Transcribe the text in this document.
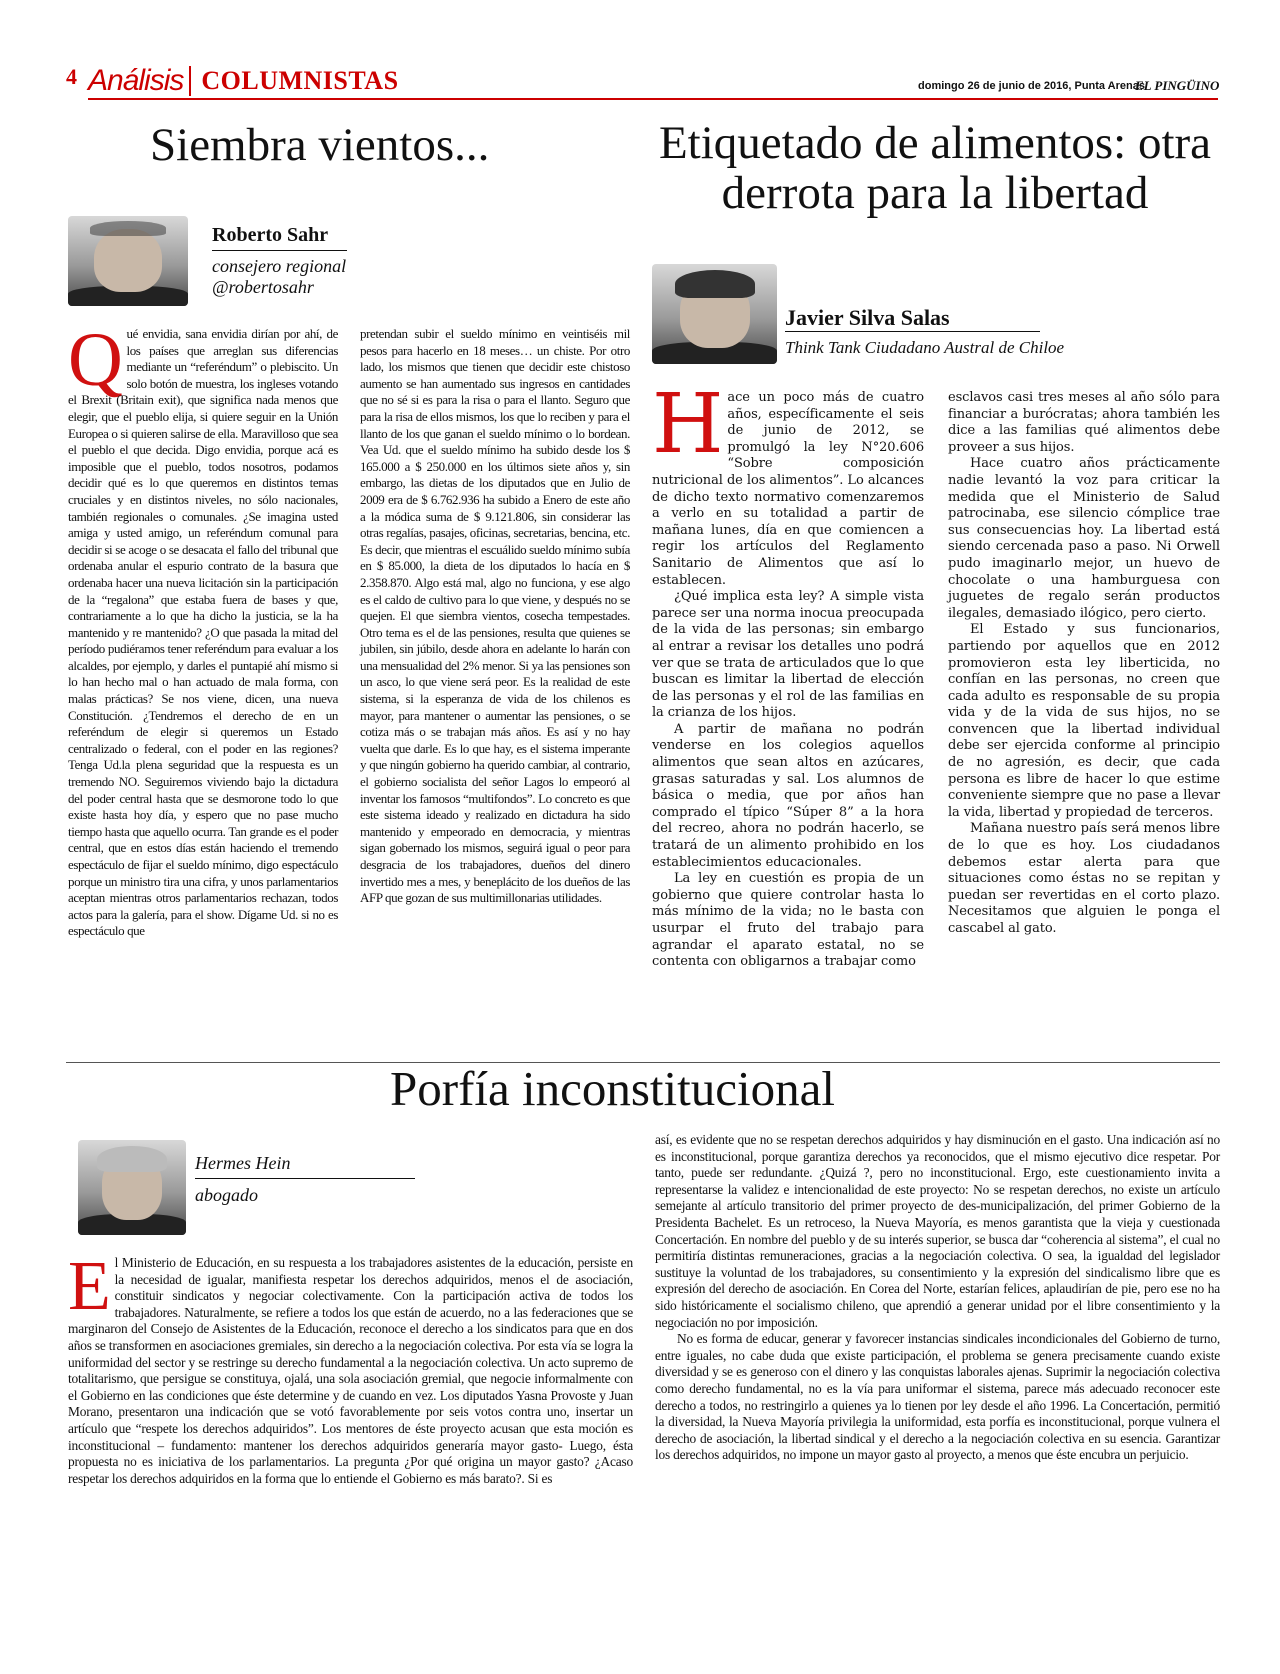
4 Análisis COLUMNISTAS	domingo 26 de junio de 2016, Punta Arenas
EL PINGÜINO
Siembra vientos...
Roberto Sahr
consejero regional
@robertosahr
Qué envidia, sana envidia dirían por ahí, de los países que arreglan sus diferencias mediante un “referéndum” o plebiscito. Un solo botón de muestra, los ingleses votando el Brexit (Britain exit), que significa nada menos que elegir, que el pueblo elija, si quiere seguir en la Unión Europea o si quieren salirse de ella. Maravilloso que sea el pueblo el que decida. Digo envidia, porque acá es imposible que el pueblo, todos nosotros, podamos decidir qué es lo que queremos en distintos temas cruciales y en distintos niveles, no sólo nacionales, también regionales o comunales. ¿Se imagina usted amiga y usted amigo, un referéndum comunal para decidir si se acoge o se desacata el fallo del tribunal que ordenaba anular el espurio contrato de la basura que ordenaba hacer una nueva licitación sin la participación de la “regalona” que estaba fuera de bases y que, contrariamente a lo que ha dicho la justicia, se la ha mantenido y re mantenido? ¿O que pasada la mitad del período pudiéramos tener referéndum para evaluar a los alcaldes, por ejemplo, y darles el puntapié ahí mismo si lo han hecho mal o han actuado de mala forma, con malas prácticas? Se nos viene, dicen, una nueva Constitución. ¿Tendremos el derecho de en un referéndum de elegir si queremos un Estado centralizado o federal, con el poder en las regiones? Tenga Ud.la plena seguridad que la respuesta es un tremendo NO. Seguiremos viviendo bajo la dictadura del poder central hasta que se desmorone todo lo que existe hasta hoy día, y espero que no pase mucho tiempo hasta que aquello ocurra. Tan grande es el poder central, que en estos días están haciendo el tremendo espectáculo de fijar el sueldo mínimo, digo espectáculo porque un ministro tira una cifra, y unos parlamentarios aceptan mientras otros parlamentarios rechazan, todos actos para la galería, para el show. Dígame Ud. si no es espectáculo que
pretendan subir el sueldo mínimo en veintiséis mil pesos para hacerlo en 18 meses… un chiste. Por otro lado, los mismos que tienen que decidir este chistoso aumento se han aumentado sus ingresos en cantidades que no sé si es para la risa o para el llanto. Seguro que para la risa de ellos mismos, los que lo reciben y para el llanto de los que ganan el sueldo mínimo o lo bordean. Vea Ud. que el sueldo mínimo ha subido desde los $ 165.000 a $ 250.000 en los últimos siete años y, sin embargo, las dietas de los diputados que en Julio de 2009 era de $ 6.762.936 ha subido a Enero de este año a la módica suma de $ 9.121.806, sin considerar las otras regalías, pasajes, oficinas, secretarias, bencina, etc. Es decir, que mientras el escuálido sueldo mínimo subía en $ 85.000, la dieta de los diputados lo hacía en $ 2.358.870. Algo está mal, algo no funciona, y ese algo es el caldo de cultivo para lo que viene, y después no se quejen. El que siembra vientos, cosecha tempestades. Otro tema es el de las pensiones, resulta que quienes se jubilen, sin júbilo, desde ahora en adelante lo harán con una mensualidad del 2% menor. Si ya las pensiones son un asco, lo que viene será peor. Es la realidad de este sistema, si la esperanza de vida de los chilenos es mayor, para mantener o aumentar las pensiones, o se cotiza más o se trabajan más años. Es así y no hay vuelta que darle. Es lo que hay, es el sistema imperante y que ningún gobierno ha querido cambiar, al contrario, el gobierno socialista del señor Lagos lo empeoró al inventar los famosos “multifondos”. Lo concreto es que este sistema ideado y realizado en dictadura ha sido mantenido y empeorado en democracia, y mientras sigan gobernado los mismos, seguirá igual o peor para desgracia de los trabajadores, dueños del dinero invertido mes a mes, y beneplácito de los dueños de las AFP que gozan de sus multimillonarias utilidades.
Etiquetado de alimentos: otra derrota para la libertad
Javier Silva Salas
Think Tank Ciudadano Austral de Chiloe

Hace un poco más de cuatro años, específicamente el seis de junio de 2012, se promulgó la ley N°20.606 “Sobre composición nutricional de los alimentos”. Lo alcances de dicho texto normativo comenzaremos a verlo en su totalidad a partir de mañana lunes, día en que comiencen a regir los artículos del Reglamento Sanitario de Alimentos que así lo establecen.

¿Qué implica esta ley? A simple vista parece ser una norma inocua preocupada de la vida de las personas; sin embargo al entrar a revisar los detalles uno podrá ver que se trata de articulados que lo que buscan es limitar la libertad de elección de las personas y el rol de las familias en la crianza de los hijos.

A partir de mañana no podrán venderse en los colegios aquellos alimentos que sean altos en azúcares, grasas saturadas y sal. Los alumnos de básica o media, que por años han comprado el típico “Súper 8” a la hora del recreo, ahora no podrán hacerlo, se tratará de un alimento prohibido en los establecimientos educacionales.

La ley en cuestión es propia de un gobierno que quiere controlar hasta lo más mínimo de la vida; no le basta con usurpar el fruto del trabajo para agrandar el aparato estatal, no se contenta con obligarnos a trabajar como

esclavos casi tres meses al año sólo para financiar a burócratas; ahora también les dice a las familias qué alimentos debe proveer a sus hijos.

Hace cuatro años prácticamente nadie levantó la voz para criticar la medida que el Ministerio de Salud patrocinaba, ese silencio cómplice trae sus consecuencias hoy. La libertad está siendo cercenada paso a paso. Ni Orwell pudo imaginarlo mejor, un huevo de chocolate o una hamburguesa con juguetes de regalo serán productos ilegales, demasiado ilógico, pero cierto.

El Estado y sus funcionarios, partiendo por aquellos que en 2012 promovieron esta ley liberticida, no confían en las personas, no creen que cada adulto es responsable de su propia vida y de la vida de sus hijos, no se convencen que la libertad individual debe ser ejercida conforme al principio de no agresión, es decir, que cada persona es libre de hacer lo que estime conveniente siempre que no pase a llevar la vida, libertad y propiedad de terceros.

Mañana nuestro país será menos libre de lo que es hoy. Los ciudadanos debemos estar alerta para que situaciones como éstas no se repitan y puedan ser revertidas en el corto plazo. Necesitamos que alguien le ponga el cascabel al gato.

Porfía inconstitucional
Hermes Hein
abogado
El Ministerio de Educación, en su respuesta a los trabajadores asistentes de la educación, persiste en la necesidad de igualar, manifiesta respetar los derechos adquiridos, menos el de asociación, constituir sindicatos y negociar colectivamente. Con la participación activa de todos los trabajadores. Naturalmente, se refiere a todos los que están de acuerdo, no a las federaciones que se marginaron del Consejo de Asistentes de la Educación, reconoce el derecho a los sindicatos para que en dos años se transformen en asociaciones gremiales, sin derecho a la negociación colectiva. Por esta vía se logra la uniformidad del sector y se restringe su derecho fundamental a la negociación colectiva. Un acto supremo de totalitarismo, que persigue se constituya, ojalá, una sola asociación gremial, que negocie informalmente con el Gobierno en las condiciones que éste determine y de cuando en vez. Los diputados Yasna Provoste y Juan Morano, presentaron una indicación que se votó favorablemente por seis votos contra uno, insertar un artículo que “respete los derechos adquiridos”. Los mentores de éste proyecto acusan que esta moción es inconstitucional – fundamento: mantener los derechos adquiridos generaría mayor gasto- Luego, ésta propuesta no es iniciativa de los parlamentarios. La pregunta ¿Por qué origina un mayor gasto? ¿Acaso respetar los derechos adquiridos en la forma que lo entiende el Gobierno es más barato?. Si es

así, es evidente que no se respetan derechos adquiridos y hay disminución en el gasto. Una indicación así no es inconstitucional, porque garantiza derechos ya reconocidos, que el mismo ejecutivo dice respetar. Por tanto, puede ser redundante. ¿Quizá ?, pero no inconstitucional. Ergo, este cuestionamiento invita a representarse la validez e intencionalidad de este proyecto: No se respetan derechos, no existe un artículo semejante al artículo transitorio del primer proyecto de des-municipalización, del primer Gobierno de la Presidenta Bachelet. Es un retroceso, la Nueva Mayoría, es menos garantista que la vieja y cuestionada Concertación. En nombre del pueblo y de su interés superior, se busca dar “coherencia al sistema”, el cual no permitiría distintas remuneraciones, gracias a la negociación colectiva. O sea, la igualdad del legislador sustituye la voluntad de los trabajadores, su consentimiento y la expresión del sindicalismo libre que es expresión del derecho de asociación. En Corea del Norte, estarían felices, aplaudirían de pie, pero ese no ha sido históricamente el socialismo chileno, que aprendió a generar unidad por el libre consentimiento y la negociación no por imposición.

No es forma de educar, generar y favorecer instancias sindicales incondicionales del Gobierno de turno, entre iguales, no cabe duda que existe participación, el problema se genera precisamente cuando existe diversidad y se es generoso con el dinero y las conquistas laborales ajenas. Suprimir la negociación colectiva como derecho fundamental, no es la vía para uniformar el sistema, parece más adecuado reconocer este derecho a todos, no restringirlo a quienes ya lo tienen por ley desde el año 1996. La Concertación, permitió la diversidad, la Nueva Mayoría privilegia la uniformidad, esta porfía es inconstitucional, porque vulnera el derecho de asociación, la libertad sindical y el derecho a la negociación colectiva en su esencia. Garantizar los derechos adquiridos, no impone un mayor gasto al proyecto, a menos que éste encubra un perjuicio.
